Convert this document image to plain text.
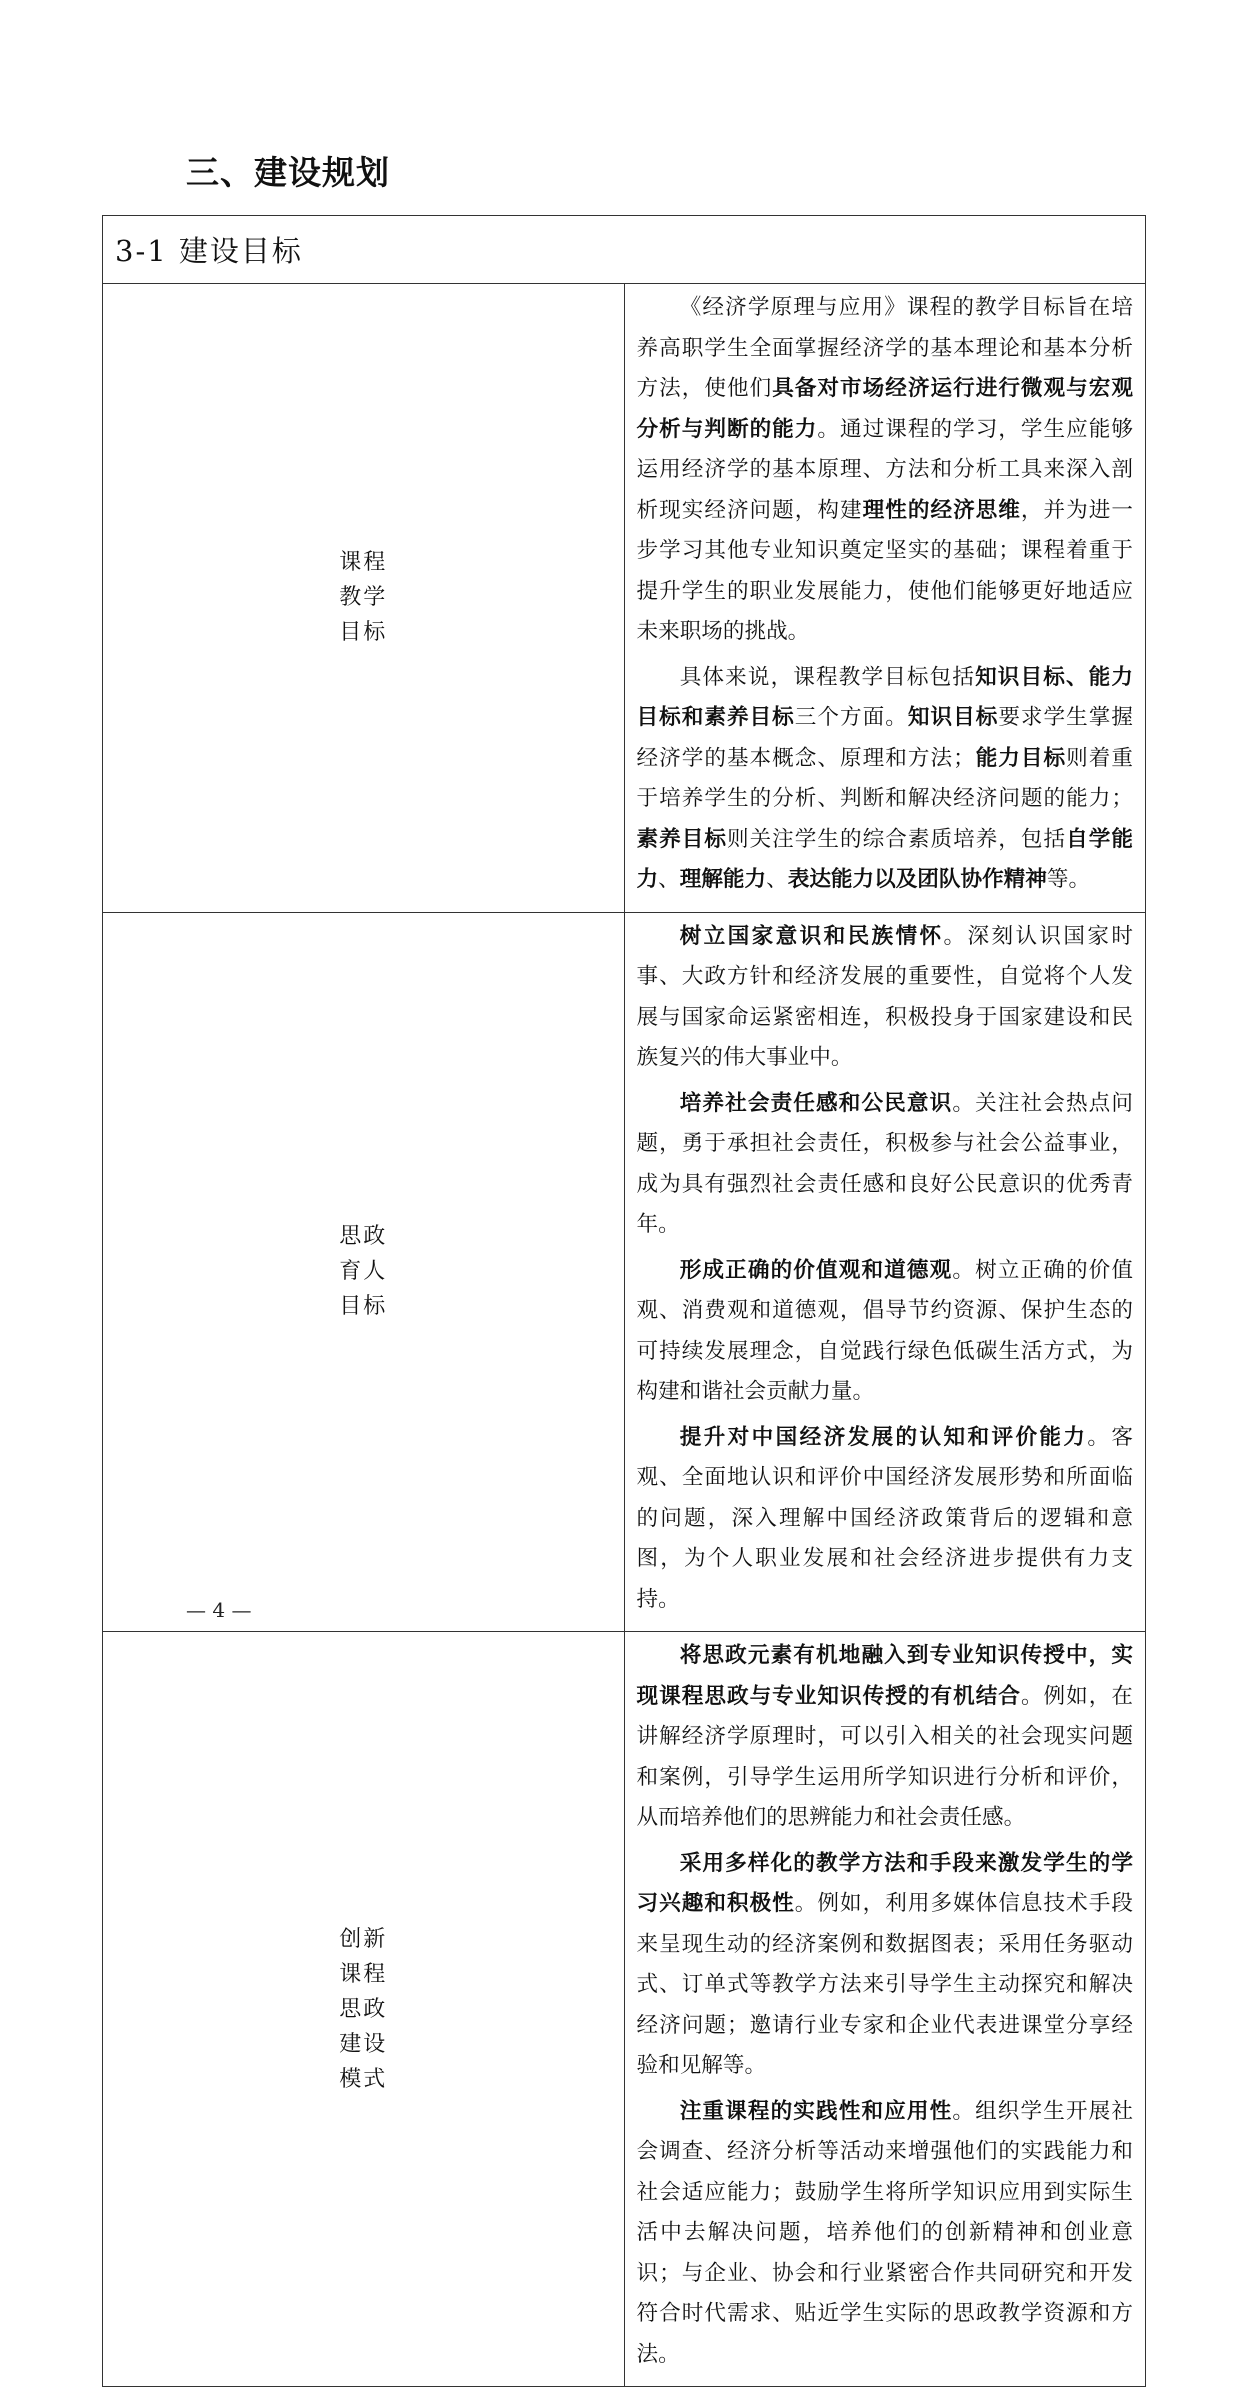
三、建设规划
3-1 建设目标	
课程教学目标	《经济学原理与应用》课程的教学目标旨在培养高职学生全面掌握经济学的基本理论和基本分析方法，使他们具备对市场经济运行进行微观与宏观分析与判断的能力。通过课程的学习，学生应能够运用经济学的基本原理、方法和分析工具来深入剖析现实经济问题，构建理性的经济思维，并为进一步学习其他专业知识奠定坚实的基础；课程着重于提升学生的职业发展能力，使他们能够更好地适应未来职场的挑战。

具体来说，课程教学目标包括知识目标、能力目标和素养目标三个方面。知识目标要求学生掌握经济学的基本概念、原理和方法；能力目标则着重于培养学生的分析、判断和解决经济问题的能力；素养目标则关注学生的综合素质培养，包括自学能力、理解能力、表达能力以及团队协作精神等。

思政育人目标	树立国家意识和民族情怀。深刻认识国家时事、大政方针和经济发展的重要性，自觉将个人发展与国家命运紧密相连，积极投身于国家建设和民族复兴的伟大事业中。

培养社会责任感和公民意识。关注社会热点问题，勇于承担社会责任，积极参与社会公益事业，成为具有强烈社会责任感和良好公民意识的优秀青年。

形成正确的价值观和道德观。树立正确的价值观、消费观和道德观，倡导节约资源、保护生态的可持续发展理念，自觉践行绿色低碳生活方式，为构建和谐社会贡献力量。

提升对中国经济发展的认知和评价能力。客观、全面地认识和评价中国经济发展形势和所面临的问题，深入理解中国经济政策背后的逻辑和意图，为个人职业发展和社会经济进步提供有力支持。

创新课程思政建设模式	将思政元素有机地融入到专业知识传授中，实现课程思政与专业知识传授的有机结合。例如，在讲解经济学原理时，可以引入相关的社会现实问题和案例，引导学生运用所学知识进行分析和评价，从而培养他们的思辨能力和社会责任感。

采用多样化的教学方法和手段来激发学生的学习兴趣和积极性。例如，利用多媒体信息技术手段来呈现生动的经济案例和数据图表；采用任务驱动式、订单式等教学方法来引导学生主动探究和解决经济问题；邀请行业专家和企业代表进课堂分享经验和见解等。

注重课程的实践性和应用性。组织学生开展社会调查、经济分析等活动来增强他们的实践能力和社会适应能力；鼓励学生将所学知识应用到实际生活中去解决问题，培养他们的创新精神和创业意识；与企业、协会和行业紧密合作共同研究和开发符合时代需求、贴近学生实际的思政教学资源和方法。

— 4 —
